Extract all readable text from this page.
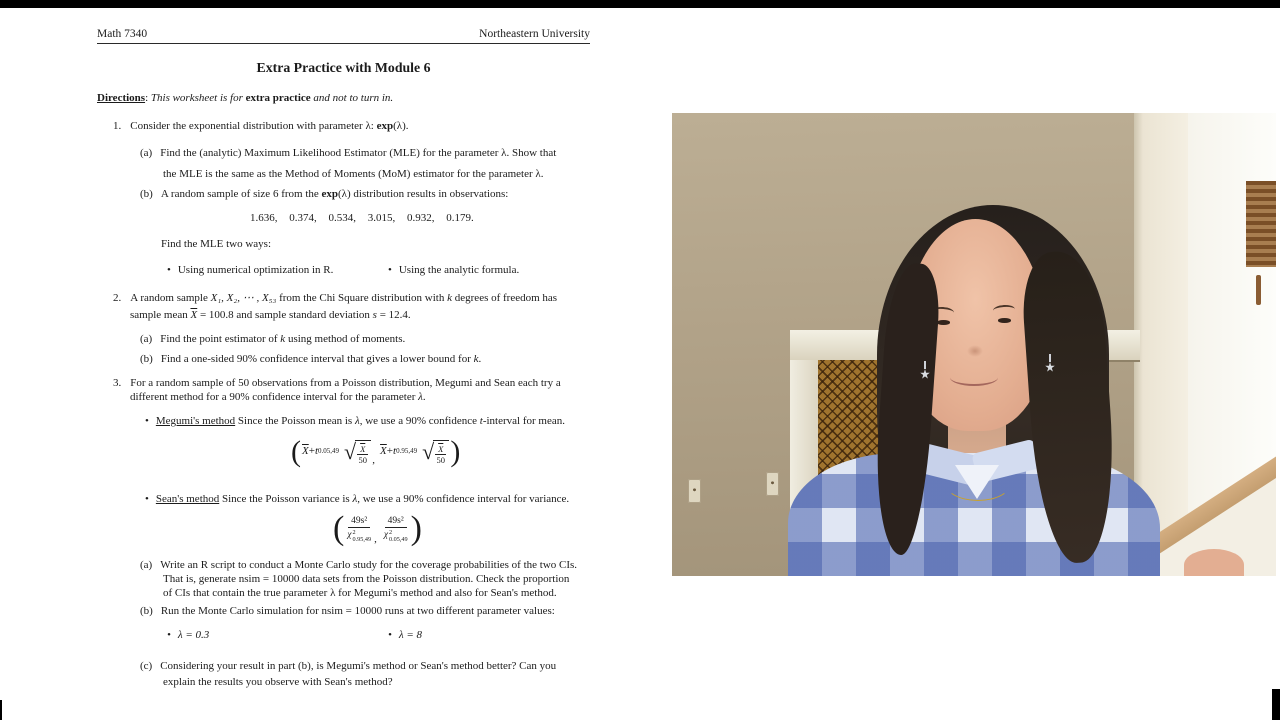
Math 7340	Northeastern University
Extra Practice with Module 6
Directions: This worksheet is for extra practice and not to turn in.
1. Consider the exponential distribution with parameter λ: exp(λ).
(a) Find the (analytic) Maximum Likelihood Estimator (MLE) for the parameter λ. Show that
the MLE is the same as the Method of Moments (MoM) estimator for the parameter λ.
(b) A random sample of size 6 from the exp(λ) distribution results in observations:
1.636, 0.374, 0.534, 3.015, 0.932, 0.179.
Find the MLE two ways:
• Using numerical optimization in R.	• Using the analytic formula.
2. A random sample X₁, X₂, ⋯ , X₅₃ from the Chi Square distribution with k degrees of freedom has
sample mean $\overline{X} = 100.8$ and sample standard deviation s = 12.4.
(a) Find the point estimator of k using method of moments.
(b) Find a one-sided 90% confidence interval that gives a lower bound for k.
3. For a random sample of 50 observations from a Poisson distribution, Megumi and Sean each try a
different method for a 90% confidence interval for the parameter λ.
• Megumi's method Since the Poisson mean is λ, we use a 90% confidence t-interval for mean.
( $\overline{X} + t$ 0.05,49 √ $\frac{X}{50}$ ,
$\overline{X} + t$ 0.95,49 √ $\frac{X}{50}$ )
• Sean's method Since the Poisson variance is λ, we use a 90% confidence interval for variance.
( 49s²
χ 2
0.95,49 , 49s²
χ 2
0.05,49 )
(a) Write an R script to conduct a Monte Carlo study for the coverage probabilities of the two CIs.
That is, generate nsim = 10000 data sets from the Poisson distribution. Check the proportion
of CIs that contain the true parameter λ for Megumi's method and also for Sean's method.
(b) Run the Monte Carlo simulation for nsim = 10000 runs at two different parameter values:
• λ = 0.3	• λ = 8
(c) Considering your result in part (b), is Megumi's method or Sean's method better? Can you
explain the results you observe with Sean's method?
